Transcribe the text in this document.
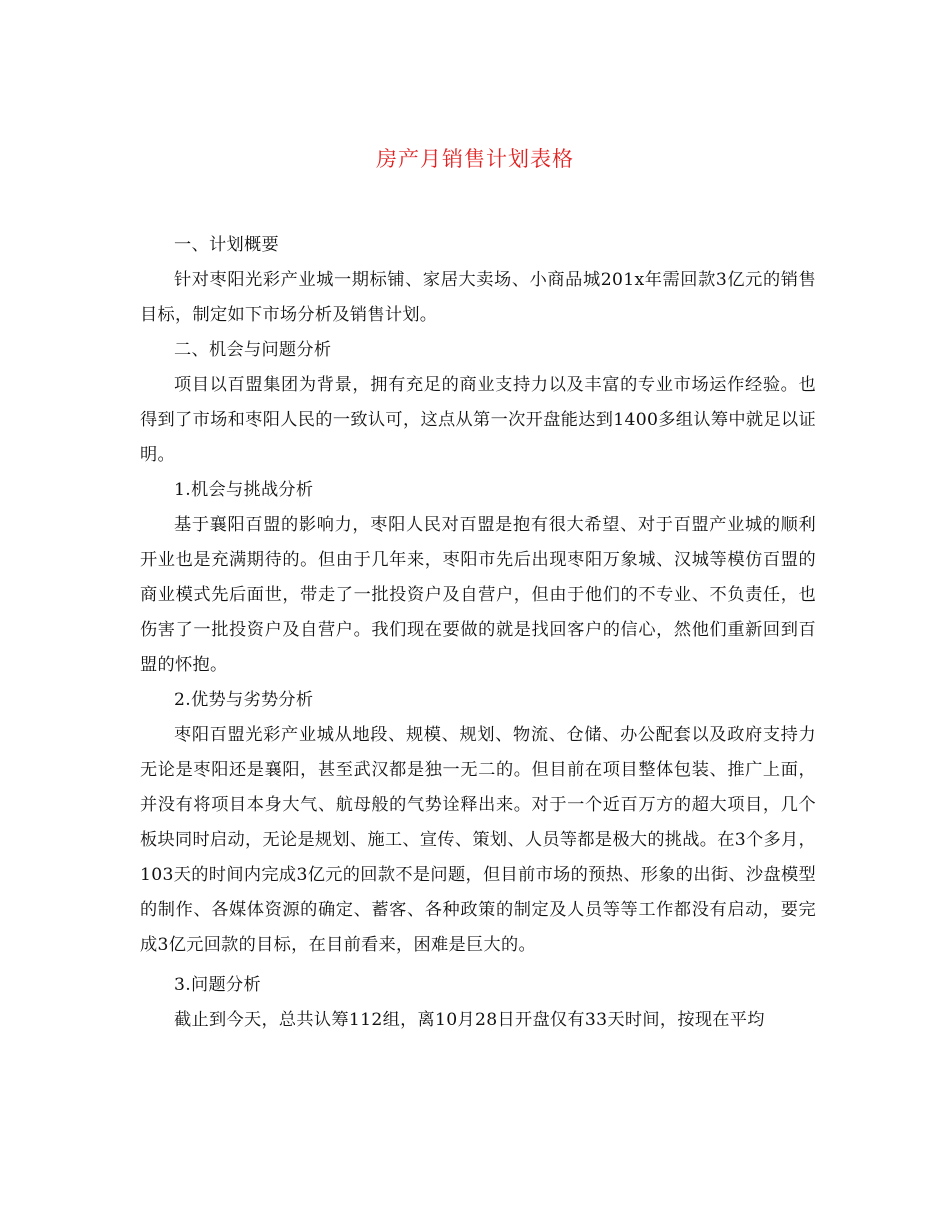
房产月销售计划表格

一、计划概要

针对枣阳光彩产业城一期标铺、家居大卖场、小商品城201x年需回款3亿元的销售目标，制定如下市场分析及销售计划。

二、机会与问题分析

项目以百盟集团为背景，拥有充足的商业支持力以及丰富的专业市场运作经验。也得到了市场和枣阳人民的一致认可，这点从第一次开盘能达到1400多组认筹中就足以证明。

1.机会与挑战分析

基于襄阳百盟的影响力，枣阳人民对百盟是抱有很大希望、对于百盟产业城的顺利开业也是充满期待的。但由于几年来，枣阳市先后出现枣阳万象城、汉城等模仿百盟的商业模式先后面世，带走了一批投资户及自营户，但由于他们的不专业、不负责任，也伤害了一批投资户及自营户。我们现在要做的就是找回客户的信心，然他们重新回到百盟的怀抱。

2.优势与劣势分析

枣阳百盟光彩产业城从地段、规模、规划、物流、仓储、办公配套以及政府支持力无论是枣阳还是襄阳，甚至武汉都是独一无二的。但目前在项目整体包装、推广上面，并没有将项目本身大气、航母般的气势诠释出来。对于一个近百万方的超大项目，几个板块同时启动，无论是规划、施工、宣传、策划、人员等都是极大的挑战。在3个多月，103天的时间内完成3亿元的回款不是问题，但目前市场的预热、形象的出街、沙盘模型的制作、各媒体资源的确定、蓄客、各种政策的制定及人员等等工作都没有启动，要完成3亿元回款的目标，在目前看来，困难是巨大的。

3.问题分析

截止到今天，总共认筹112组，离10月28日开盘仅有33天时间，按现在平均
